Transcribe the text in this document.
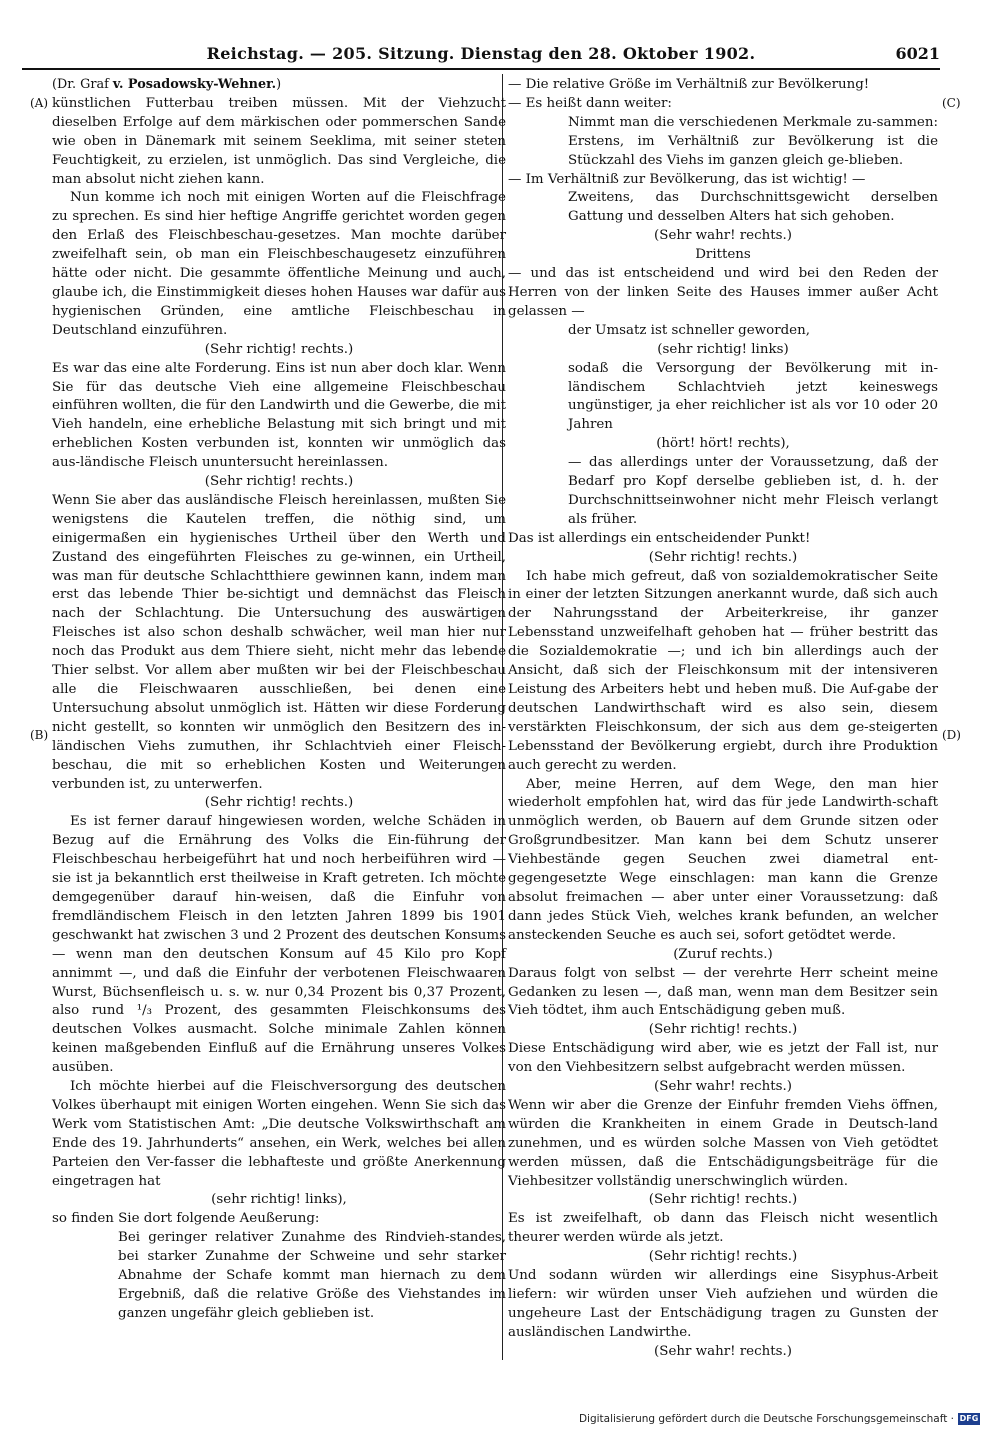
Reichstag. — 205. Sitzung. Dienstag den 28. Oktober 1902.	6021
(A)
(B)
(C)
(D)

(Dr. Graf v. Posadowsky-Wehner.)

künstlichen Futterbau treiben müssen. Mit der Viehzucht dieselben Erfolge auf dem märkischen oder pommerschen Sande wie oben in Dänemark mit seinem Seeklima, mit seiner steten Feuchtigkeit, zu erzielen, ist unmöglich. Das sind Vergleiche, die man absolut nicht ziehen kann.

Nun komme ich noch mit einigen Worten auf die Fleischfrage zu sprechen. Es sind hier heftige Angriffe gerichtet worden gegen den Erlaß des Fleischbeschau-gesetzes. Man mochte darüber zweifelhaft sein, ob man ein Fleischbeschaugesetz einzuführen hätte oder nicht. Die gesammte öffentliche Meinung und auch, glaube ich, die Einstimmigkeit dieses hohen Hauses war dafür aus hygienischen Gründen, eine amtliche Fleischbeschau in Deutschland einzuführen.

(Sehr richtig! rechts.)

Es war das eine alte Forderung. Eins ist nun aber doch klar. Wenn Sie für das deutsche Vieh eine allgemeine Fleischbeschau einführen wollten, die für den Landwirth und die Gewerbe, die mit Vieh handeln, eine erhebliche Belastung mit sich bringt und mit erheblichen Kosten verbunden ist, konnten wir unmöglich das aus-ländische Fleisch ununtersucht hereinlassen.

(Sehr richtig! rechts.)

Wenn Sie aber das ausländische Fleisch hereinlassen, mußten Sie wenigstens die Kautelen treffen, die nöthig sind, um einigermaßen ein hygienisches Urtheil über den Werth und Zustand des eingeführten Fleisches zu ge-winnen, ein Urtheil, was man für deutsche Schlachtthiere gewinnen kann, indem man erst das lebende Thier be-sichtigt und demnächst das Fleisch nach der Schlachtung. Die Untersuchung des auswärtigen Fleisches ist also schon deshalb schwächer, weil man hier nur noch das Produkt aus dem Thiere sieht, nicht mehr das lebende Thier selbst. Vor allem aber mußten wir bei der Fleischbeschau alle die Fleischwaaren ausschließen, bei denen eine Untersuchung absolut unmöglich ist. Hätten wir diese Forderung nicht gestellt, so konnten wir unmöglich den Besitzern des in-ländischen Viehs zumuthen, ihr Schlachtvieh einer Fleisch-beschau, die mit so erheblichen Kosten und Weiterungen verbunden ist, zu unterwerfen.

(Sehr richtig! rechts.)

Es ist ferner darauf hingewiesen worden, welche Schäden in Bezug auf die Ernährung des Volks die Ein-führung der Fleischbeschau herbeigeführt hat und noch herbeiführen wird — sie ist ja bekanntlich erst theilweise in Kraft getreten. Ich möchte demgegenüber darauf hin-weisen, daß die Einfuhr von fremdländischem Fleisch in den letzten Jahren 1899 bis 1901 geschwankt hat zwischen 3 und 2 Prozent des deutschen Konsums — wenn man den deutschen Konsum auf 45 Kilo pro Kopf annimmt —, und daß die Einfuhr der verbotenen Fleischwaaren Wurst, Büchsenfleisch u. s. w. nur 0,34 Prozent bis 0,37 Prozent, also rund ¹/₃ Prozent, des gesammten Fleischkonsums des deutschen Volkes ausmacht. Solche minimale Zahlen können keinen maßgebenden Einfluß auf die Ernährung unseres Volkes ausüben.

Ich möchte hierbei auf die Fleischversorgung des deutschen Volkes überhaupt mit einigen Worten eingehen. Wenn Sie sich das Werk vom Statistischen Amt: „Die deutsche Volkswirthschaft am Ende des 19. Jahrhunderts“ ansehen, ein Werk, welches bei allen Parteien den Ver-fasser die lebhafteste und größte Anerkennung eingetragen hat

(sehr richtig! links),

so finden Sie dort folgende Aeußerung:

Bei geringer relativer Zunahme des Rindvieh-standes, bei starker Zunahme der Schweine und sehr starker Abnahme der Schafe kommt man hiernach zu dem Ergebniß, daß die relative Größe des Viehstandes im ganzen ungefähr gleich geblieben ist.

— Die relative Größe im Verhältniß zur Bevölkerung!

— Es heißt dann weiter:

Nimmt man die verschiedenen Merkmale zu-sammen: Erstens, im Verhältniß zur Bevölkerung ist die Stückzahl des Viehs im ganzen gleich ge-blieben.

— Im Verhältniß zur Bevölkerung, das ist wichtig! —

Zweitens, das Durchschnittsgewicht derselben Gattung und desselben Alters hat sich gehoben.

(Sehr wahr! rechts.)

Drittens

— und das ist entscheidend und wird bei den Reden der Herren von der linken Seite des Hauses immer außer Acht gelassen —

der Umsatz ist schneller geworden,

(sehr richtig! links)

sodaß die Versorgung der Bevölkerung mit in-ländischem Schlachtvieh jetzt keineswegs ungünstiger, ja eher reichlicher ist als vor 10 oder 20 Jahren

(hört! hört! rechts),

— das allerdings unter der Voraussetzung, daß der Bedarf pro Kopf derselbe geblieben ist, d. h. der Durchschnittseinwohner nicht mehr Fleisch verlangt als früher.

Das ist allerdings ein entscheidender Punkt!

(Sehr richtig! rechts.)

Ich habe mich gefreut, daß von sozialdemokratischer Seite in einer der letzten Sitzungen anerkannt wurde, daß sich auch der Nahrungsstand der Arbeiterkreise, ihr ganzer Lebensstand unzweifelhaft gehoben hat — früher bestritt das die Sozialdemokratie —; und ich bin allerdings auch der Ansicht, daß sich der Fleischkonsum mit der intensiveren Leistung des Arbeiters hebt und heben muß. Die Auf-gabe der deutschen Landwirthschaft wird es also sein, diesem verstärkten Fleischkonsum, der sich aus dem ge-steigerten Lebensstand der Bevölkerung ergiebt, durch ihre Produktion auch gerecht zu werden.

Aber, meine Herren, auf dem Wege, den man hier wiederholt empfohlen hat, wird das für jede Landwirth-schaft unmöglich werden, ob Bauern auf dem Grunde sitzen oder Großgrundbesitzer. Man kann bei dem Schutz unserer Viehbestände gegen Seuchen zwei diametral ent-gegengesetzte Wege einschlagen: man kann die Grenze absolut freimachen — aber unter einer Voraussetzung: daß dann jedes Stück Vieh, welches krank befunden, an welcher ansteckenden Seuche es auch sei, sofort getödtet werde.

(Zuruf rechts.)

Daraus folgt von selbst — der verehrte Herr scheint meine Gedanken zu lesen —, daß man, wenn man dem Besitzer sein Vieh tödtet, ihm auch Entschädigung geben muß.

(Sehr richtig! rechts.)

Diese Entschädigung wird aber, wie es jetzt der Fall ist, nur von den Viehbesitzern selbst aufgebracht werden müssen.

(Sehr wahr! rechts.)

Wenn wir aber die Grenze der Einfuhr fremden Viehs öffnen, würden die Krankheiten in einem Grade in Deutsch-land zunehmen, und es würden solche Massen von Vieh getödtet werden müssen, daß die Entschädigungsbeiträge für die Viehbesitzer vollständig unerschwinglich würden.

(Sehr richtig! rechts.)

Es ist zweifelhaft, ob dann das Fleisch nicht wesentlich theurer werden würde als jetzt.

(Sehr richtig! rechts.)

Und sodann würden wir allerdings eine Sisyphus-Arbeit liefern: wir würden unser Vieh aufziehen und würden die ungeheure Last der Entschädigung tragen zu Gunsten der ausländischen Landwirthe.

(Sehr wahr! rechts.)

Digitalisierung gefördert durch die Deutsche Forschungsgemeinschaft · DFG
